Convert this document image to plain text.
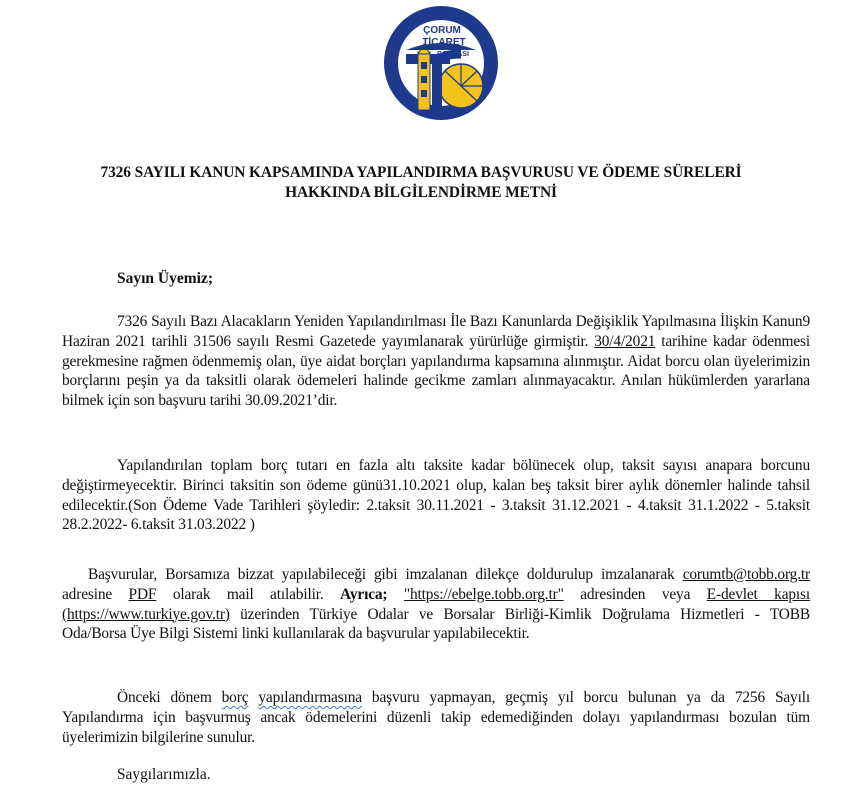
ÇORUM
TİCARET
BORSASI
7326 SAYILI KANUN KAPSAMINDA YAPILANDIRMA BAŞVURUSU VE ÖDEME SÜRELERİ
HAKKINDA BİLGİLENDİRME METNİ
Sayın Üyemiz;
7326 Sayılı Bazı Alacakların Yeniden Yapılandırılması İle Bazı Kanunlarda Değişiklik Yapılmasına İlişkin Kanun9 Haziran 2021 tarihli 31506 sayılı Resmi Gazetede yayımlanarak yürürlüğe girmiştir. 30/4/2021 tarihine kadar ödenmesi gerekmesine rağmen ödenmemiş olan, üye aidat borçları yapılandırma kapsamına alınmıştır. Aidat borcu olan üyelerimizin borçlarını peşin ya da taksitli olarak ödemeleri halinde gecikme zamları alınmayacaktır. Anılan hükümlerden yararlana bilmek için son başvuru tarihi 30.09.2021’dir.
Yapılandırılan toplam borç tutarı en fazla altı taksite kadar bölünecek olup, taksit sayısı anapara borcunu değiştirmeyecektir. Birinci taksitin son ödeme günü31.10.2021 olup, kalan beş taksit birer aylık dönemler halinde tahsil edilecektir.(Son Ödeme Vade Tarihleri şöyledir: 2.taksit 30.11.2021 - 3.taksit 31.12.2021 - 4.taksit 31.1.2022 - 5.taksit 28.2.2022- 6.taksit 31.03.2022 )
Başvurular, Borsamıza bizzat yapılabileceği gibi imzalanan dilekçe doldurulup imzalanarak corumtb@tobb.org.tr adresine PDF olarak mail atılabilir. Ayrıca; "https://ebelge.tobb.org.tr" adresinden veya E-devlet kapısı (https://www.turkiye.gov.tr) üzerinden Türkiye Odalar ve Borsalar Birliği-Kimlik Doğrulama Hizmetleri - TOBB Oda/Borsa Üye Bilgi Sistemi linki kullanılarak da başvurular yapılabilecektir.
Önceki dönem borç yapılandırmasına başvuru yapmayan, geçmiş yıl borcu bulunan ya da 7256 Sayılı Yapılandırma için başvurmuş ancak ödemelerini düzenli takip edemediğinden dolayı yapılandırması bozulan tüm üyelerimizin bilgilerine sunulur.
Saygılarımızla.
